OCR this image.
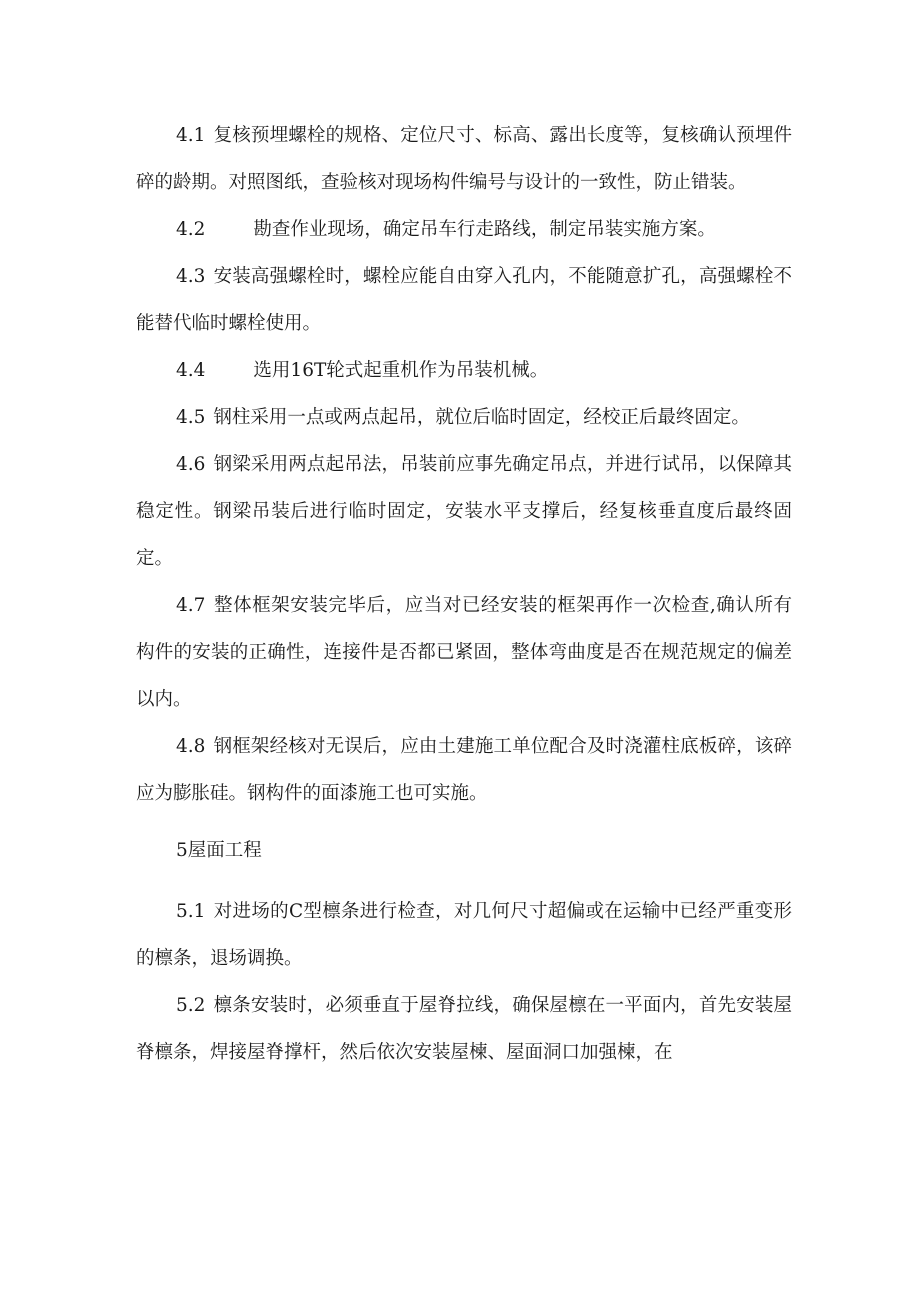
4.1 复核预埋螺栓的规格、定位尺寸、标高、露出长度等，复核确认预埋件碎的龄期。对照图纸，查验核对现场构件编号与设计的一致性，防止错装。

4.2	勘查作业现场，确定吊车行走路线，制定吊装实施方案。

4.3 安装高强螺栓时，螺栓应能自由穿入孔内，不能随意扩孔，高强螺栓不能替代临时螺栓使用。

4.4	选用16T轮式起重机作为吊装机械。

4.5 钢柱采用一点或两点起吊，就位后临时固定，经校正后最终固定。

4.6 钢梁采用两点起吊法，吊装前应事先确定吊点，并进行试吊，以保障其稳定性。钢梁吊装后进行临时固定，安装水平支撑后，经复核垂直度后最终固定。

4.7 整体框架安装完毕后，应当对已经安装的框架再作一次检查,确认所有构件的安装的正确性，连接件是否都已紧固，整体弯曲度是否在规范规定的偏差以内。

4.8 钢框架经核对无误后，应由土建施工单位配合及时浇灌柱底板碎，该碎应为膨胀硅。钢构件的面漆施工也可实施。

5屋面工程

5.1 对进场的C型檩条进行检查，对几何尺寸超偏或在运输中已经严重变形的檩条，退场调换。

5.2 檩条安装时，必须垂直于屋脊拉线，确保屋檩在一平面内，首先安装屋脊檩条，焊接屋脊撑杆，然后依次安装屋楝、屋面洞口加强楝，在
